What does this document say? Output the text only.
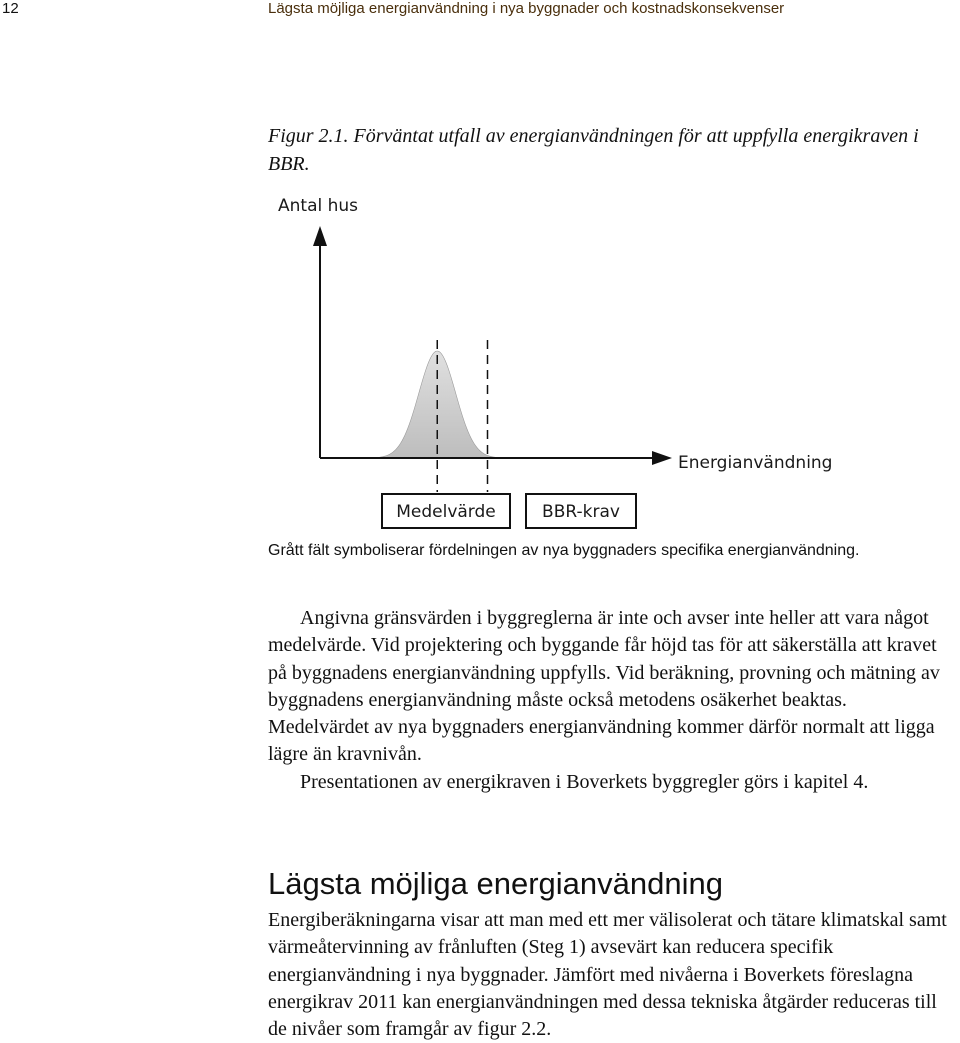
12	Lägsta möjliga energianvändning i nya byggnader och kostnadskonsekvenser
Figur 2.1. Förväntat utfall av energianvändningen för att uppfylla energikraven i BBR.
Antal hus
Energianvändning
Medelvärde	BBR-krav
Grått fält symboliserar fördelningen av nya byggnaders specifika energianvändning.

Angivna gränsvärden i byggreglerna är inte och avser inte heller att vara något medelvärde. Vid projektering och byggande får höjd tas för att säkerställa att kravet på byggnadens energianvändning uppfylls. Vid beräkning, provning och mätning av byggnadens energianvändning måste också metodens osäkerhet beaktas. Medelvärdet av nya byggnaders energianvändning kommer därför normalt att ligga lägre än kravnivån.

Presentationen av energikraven i Boverkets byggregler görs i kapitel 4.

Lägsta möjliga energianvändning

Energiberäkningarna visar att man med ett mer välisolerat och tätare klimatskal samt värmeåtervinning av frånluften (Steg 1) avsevärt kan reducera specifik energianvändning i nya byggnader. Jämfört med nivåerna i Boverkets föreslagna energikrav 2011 kan energianvändningen med dessa tekniska åtgärder reduceras till de nivåer som framgår av figur 2.2.
